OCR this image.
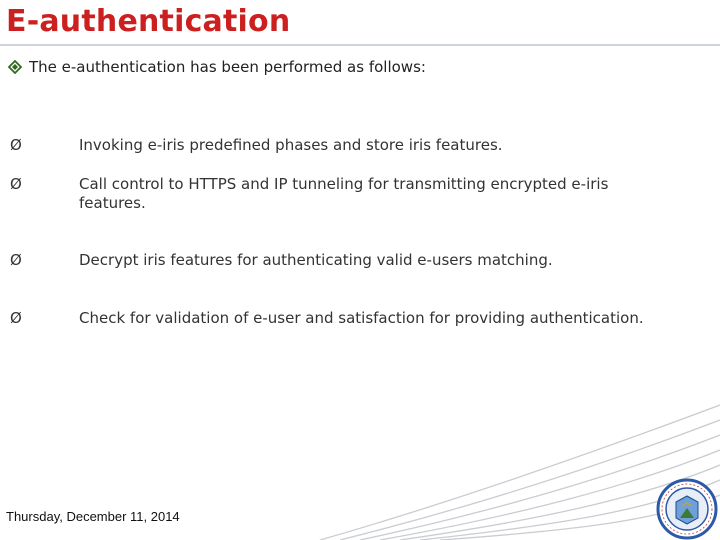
E-authentication
The e-authentication has been performed as follows:
Ø	Invoking e-iris predefined phases and store iris features.
Ø	Call control to HTTPS and IP tunneling for transmitting encrypted e-iris
features.
Ø	Decrypt iris features for authenticating valid e-users matching.
Ø	Check for validation of e-user and satisfaction for providing authentication.
Thursday, December 11, 2014
